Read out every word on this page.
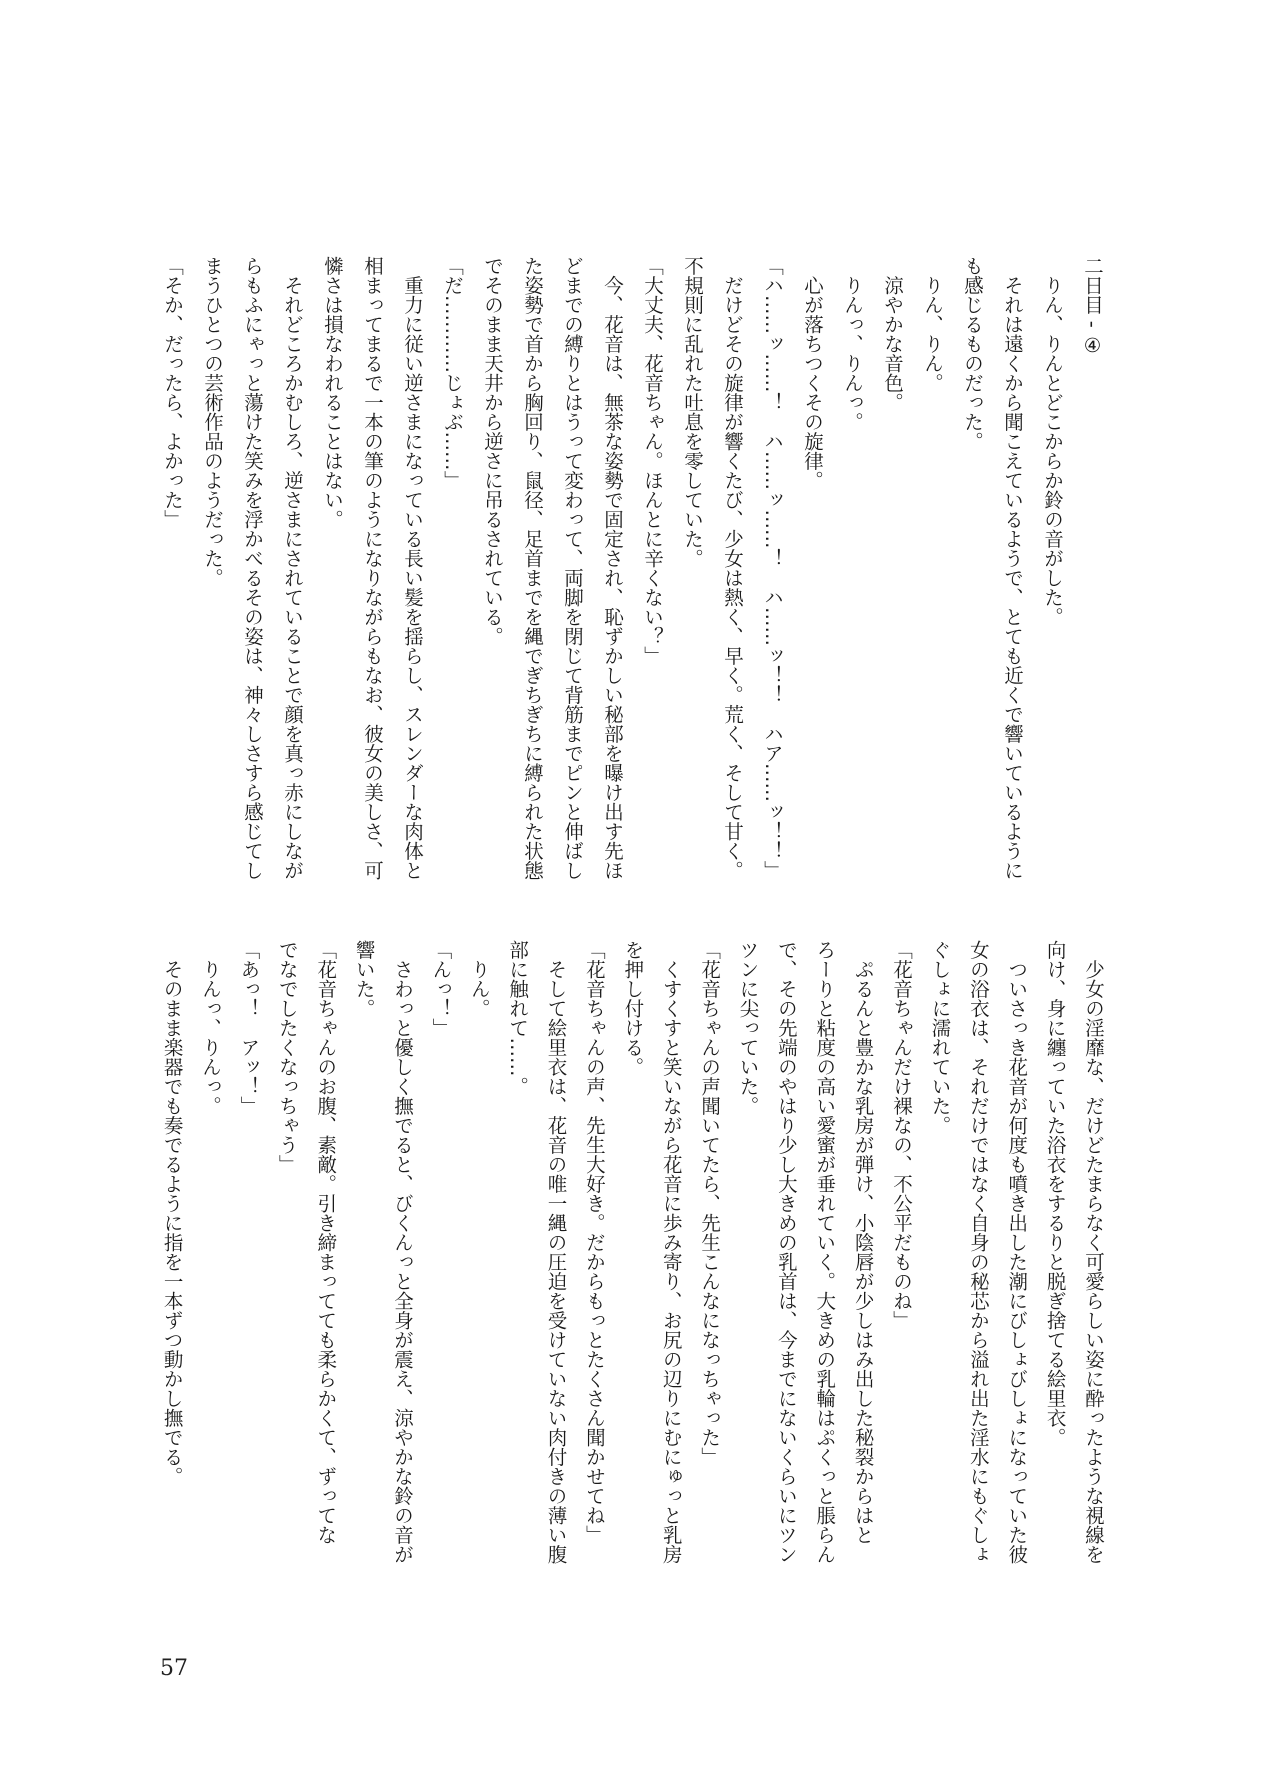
二日目 - ④
　りん、りんとどこからか鈴の音がした。
　それは遠くから聞こえているようで、とても近くで響いているように
も感じるものだった。
　りん、りん。
　涼やかな音色。
　りんっ、りんっ。
　心が落ちつくその旋律。
「ハ……ッ……！　ハ……ッ……！　ハ……ッ！！　ハア……ッ！！」
　だけどその旋律が響くたび、少女は熱く、早く。荒く、そして甘く。
不規則に乱れた吐息を零していた。
「大丈夫、花音ちゃん。ほんとに辛くない？」
　今、花音は、無茶な姿勢で固定され、恥ずかしい秘部を曝け出す先ほ
どまでの縛りとはうって変わって、両脚を閉じて背筋までピンと伸ばし
た姿勢で首から胸回り、鼠径、足首までを縄でぎちぎちに縛られた状態
でそのまま天井から逆さに吊るされている。
「だ…………じょぶ……」
　重力に従い逆さまになっている長い髪を揺らし、スレンダーな肉体と
相まってまるで一本の筆のようになりながらもなお、彼女の美しさ、可
憐さは損なわれることはない。
　それどころかむしろ、逆さまにされていることで顔を真っ赤にしなが
らもふにゃっと蕩けた笑みを浮かべるその姿は、神々しさすら感じてし
まうひとつの芸術作品のようだった。
「そか、だったら、よかった」
　少女の淫靡な、だけどたまらなく可愛らしい姿に酔ったような視線を
向け、身に纏っていた浴衣をするりと脱ぎ捨てる絵里衣。
　ついさっき花音が何度も噴き出した潮にびしょびしょになっていた彼
女の浴衣は、それだけではなく自身の秘芯から溢れ出た淫水にもぐしょ
ぐしょに濡れていた。
「花音ちゃんだけ裸なの、不公平だものね」
　ぷるんと豊かな乳房が弾け、小陰唇が少しはみ出した秘裂からはと
ろーりと粘度の高い愛蜜が垂れていく。大きめの乳輪はぷくっと脹らん
で、その先端のやはり少し大きめの乳首は、今までにないくらいにツン
ツンに尖っていた。
「花音ちゃんの声聞いてたら、先生こんなになっちゃった」
　くすくすと笑いながら花音に歩み寄り、お尻の辺りにむにゅっと乳房
を押し付ける。
「花音ちゃんの声、先生大好き。だからもっとたくさん聞かせてね」
　そして絵里衣は、花音の唯一縄の圧迫を受けていない肉付きの薄い腹
部に触れて……。
　りん。
「んっ！」
　さわっと優しく撫でると、びくんっと全身が震え、涼やかな鈴の音が
響いた。
「花音ちゃんのお腹、素敵。引き締まってても柔らかくて、ずってな
でなでしたくなっちゃう」
「あっ！　アッ！」
　りんっ、りんっ。
　そのまま楽器でも奏でるように指を一本ずつ動かし撫でる。
57
